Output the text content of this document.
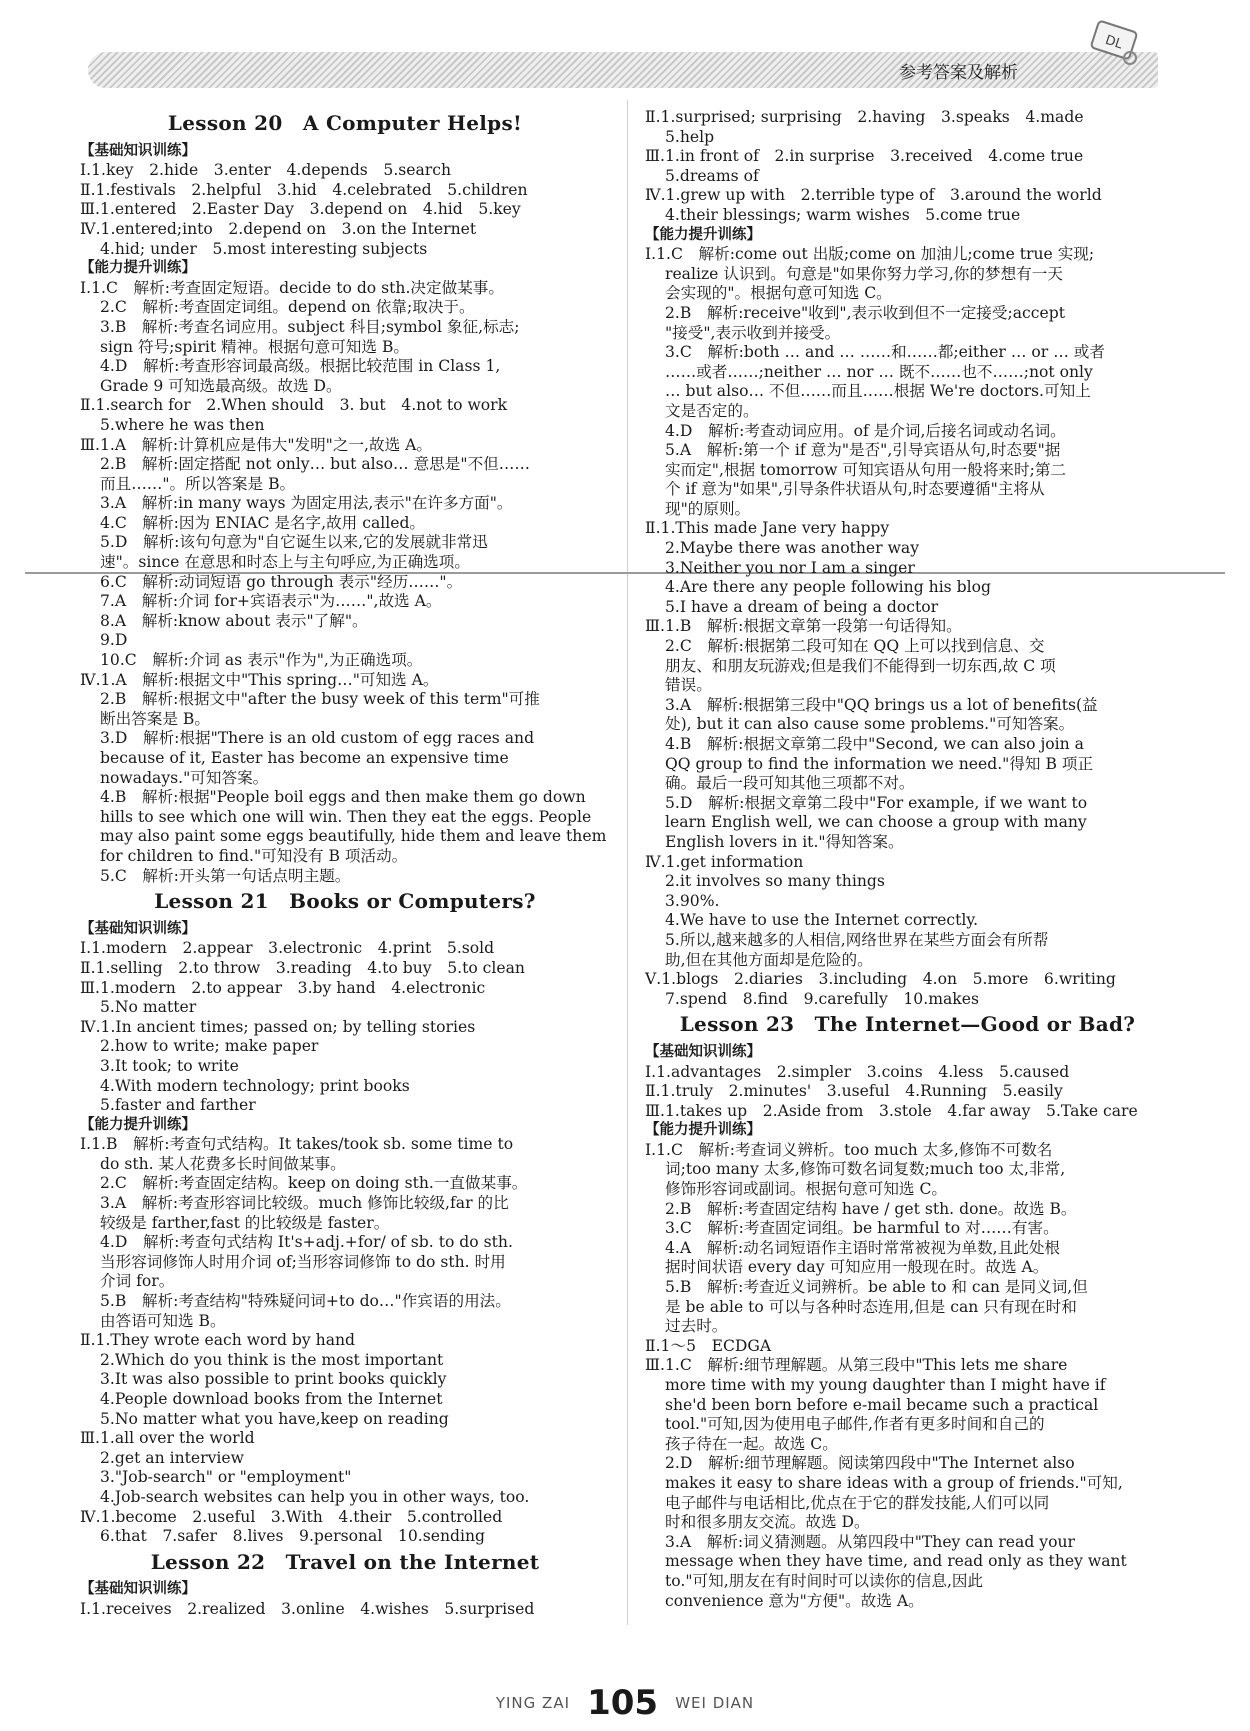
参考答案及解析
DL
Lesson 20　A Computer Helps!
【基础知识训练】
Ⅰ.1.key　2.hide　3.enter　4.depends　5.search
Ⅱ.1.festivals　2.helpful　3.hid　4.celebrated　5.children
Ⅲ.1.entered　2.Easter Day　3.depend on　4.hid　5.key
Ⅳ.1.entered;into　2.depend on　3.on the Internet
4.hid; under　5.most interesting subjects
【能力提升训练】
Ⅰ.1.C　解析:考查固定短语。decide to do sth.决定做某事。
2.C　解析:考查固定词组。depend on 依靠;取决于。
3.B　解析:考查名词应用。subject 科目;symbol 象征,标志;
sign 符号;spirit 精神。根据句意可知选 B。
4.D　解析:考查形容词最高级。根据比较范围 in Class 1,
Grade 9 可知选最高级。故选 D。
Ⅱ.1.search for　2.When should　3. but　4.not to work
5.where he was then
Ⅲ.1.A　解析:计算机应是伟大"发明"之一,故选 A。
2.B　解析:固定搭配 not only… but also… 意思是"不但……
而且……"。所以答案是 B。
3.A　解析:in many ways 为固定用法,表示"在许多方面"。
4.C　解析:因为 ENIAC 是名字,故用 called。
5.D　解析:该句句意为"自它诞生以来,它的发展就非常迅
速"。since 在意思和时态上与主句呼应,为正确选项。
6.C　解析:动词短语 go through 表示"经历……"。
7.A　解析:介词 for+宾语表示"为……",故选 A。
8.A　解析:know about 表示"了解"。
9.D
10.C　解析:介词 as 表示"作为",为正确选项。
Ⅳ.1.A　解析:根据文中"This spring…"可知选 A。
2.B　解析:根据文中"after the busy week of this term"可推
断出答案是 B。
3.D　解析:根据"There is an old custom of egg races and
because of it, Easter has become an expensive time
nowadays."可知答案。
4.B　解析:根据"People boil eggs and then make them go down
hills to see which one will win. Then they eat the eggs. People
may also paint some eggs beautifully, hide them and leave them
for children to find."可知没有 B 项活动。
5.C　解析:开头第一句话点明主题。
Lesson 21　Books or Computers?
【基础知识训练】
Ⅰ.1.modern　2.appear　3.electronic　4.print　5.sold
Ⅱ.1.selling　2.to throw　3.reading　4.to buy　5.to clean
Ⅲ.1.modern　2.to appear　3.by hand　4.electronic
5.No matter
Ⅳ.1.In ancient times; passed on; by telling stories
2.how to write; make paper
3.It took; to write
4.With modern technology; print books
5.faster and farther
【能力提升训练】
Ⅰ.1.B　解析:考查句式结构。It takes/took sb. some time to
do sth. 某人花费多长时间做某事。
2.C　解析:考查固定结构。keep on doing sth.一直做某事。
3.A　解析:考查形容词比较级。much 修饰比较级,far 的比
较级是 farther,fast 的比较级是 faster。
4.D　解析:考查句式结构 It's+adj.+for/ of sb. to do sth.
当形容词修饰人时用介词 of;当形容词修饰 to do sth. 时用
介词 for。
5.B　解析:考查结构"特殊疑问词+to do…"作宾语的用法。
由答语可知选 B。
Ⅱ.1.They wrote each word by hand
2.Which do you think is the most important
3.It was also possible to print books quickly
4.People download books from the Internet
5.No matter what you have,keep on reading
Ⅲ.1.all over the world
2.get an interview
3."Job-search" or "employment"
4.Job-search websites can help you in other ways, too.
Ⅳ.1.become　2.useful　3.With　4.their　5.controlled
6.that　7.safer　8.lives　9.personal　10.sending
Lesson 22　Travel on the Internet
【基础知识训练】
Ⅰ.1.receives　2.realized　3.online　4.wishes　5.surprised
Ⅱ.1.surprised; surprising　2.having　3.speaks　4.made
5.help
Ⅲ.1.in front of　2.in surprise　3.received　4.come true
5.dreams of
Ⅳ.1.grew up with　2.terrible type of　3.around the world
4.their blessings; warm wishes　5.come true
【能力提升训练】
Ⅰ.1.C　解析:come out 出版;come on 加油儿;come true 实现;
realize 认识到。句意是"如果你努力学习,你的梦想有一天
会实现的"。根据句意可知选 C。
2.B　解析:receive"收到",表示收到但不一定接受;accept
"接受",表示收到并接受。
3.C　解析:both … and … ……和……都;either … or … 或者
……或者……;neither … nor … 既不……也不……;not only
… but also… 不但……而且……根据 We're doctors.可知上
文是否定的。
4.D　解析:考查动词应用。of 是介词,后接名词或动名词。
5.A　解析:第一个 if 意为"是否",引导宾语从句,时态要"据
实而定",根据 tomorrow 可知宾语从句用一般将来时;第二
个 if 意为"如果",引导条件状语从句,时态要遵循"主将从
现"的原则。
Ⅱ.1.This made Jane very happy
2.Maybe there was another way
3.Neither you nor I am a singer
4.Are there any people following his blog
5.I have a dream of being a doctor
Ⅲ.1.B　解析:根据文章第一段第一句话得知。
2.C　解析:根据第二段可知在 QQ 上可以找到信息、交
朋友、和朋友玩游戏;但是我们不能得到一切东西,故 C 项
错误。
3.A　解析:根据第三段中"QQ brings us a lot of benefits(益
处), but it can also cause some problems."可知答案。
4.B　解析:根据文章第二段中"Second, we can also join a
QQ group to find the information we need."得知 B 项正
确。最后一段可知其他三项都不对。
5.D　解析:根据文章第二段中"For example, if we want to
learn English well, we can choose a group with many
English lovers in it."得知答案。
Ⅳ.1.get information
2.it involves so many things
3.90%.
4.We have to use the Internet correctly.
5.所以,越来越多的人相信,网络世界在某些方面会有所帮
助,但在其他方面却是危险的。
Ⅴ.1.blogs　2.diaries　3.including　4.on　5.more　6.writing
7.spend　8.find　9.carefully　10.makes
Lesson 23　The Internet—Good or Bad?
【基础知识训练】
Ⅰ.1.advantages　2.simpler　3.coins　4.less　5.caused
Ⅱ.1.truly　2.minutes'　3.useful　4.Running　5.easily
Ⅲ.1.takes up　2.Aside from　3.stole　4.far away　5.Take care
【能力提升训练】
Ⅰ.1.C　解析:考查词义辨析。too much 太多,修饰不可数名
词;too many 太多,修饰可数名词复数;much too 太,非常,
修饰形容词或副词。根据句意可知选 C。
2.B　解析:考查固定结构 have / get sth. done。故选 B。
3.C　解析:考查固定词组。be harmful to 对……有害。
4.A　解析:动名词短语作主语时常常被视为单数,且此处根
据时间状语 every day 可知应用一般现在时。故选 A。
5.B　解析:考查近义词辨析。be able to 和 can 是同义词,但
是 be able to 可以与各种时态连用,但是 can 只有现在时和
过去时。
Ⅱ.1～5　ECDGA
Ⅲ.1.C　解析:细节理解题。从第三段中"This lets me share
more time with my young daughter than I might have if
she'd been born before e-mail became such a practical
tool."可知,因为使用电子邮件,作者有更多时间和自己的
孩子待在一起。故选 C。
2.D　解析:细节理解题。阅读第四段中"The Internet also
makes it easy to share ideas with a group of friends."可知,
电子邮件与电话相比,优点在于它的群发技能,人们可以同
时和很多朋友交流。故选 D。
3.A　解析:词义猜测题。从第四段中"They can read your
message when they have time, and read only as they want
to."可知,朋友在有时间时可以读你的信息,因此
convenience 意为"方便"。故选 A。
YING ZAI 105 WEI DIAN
